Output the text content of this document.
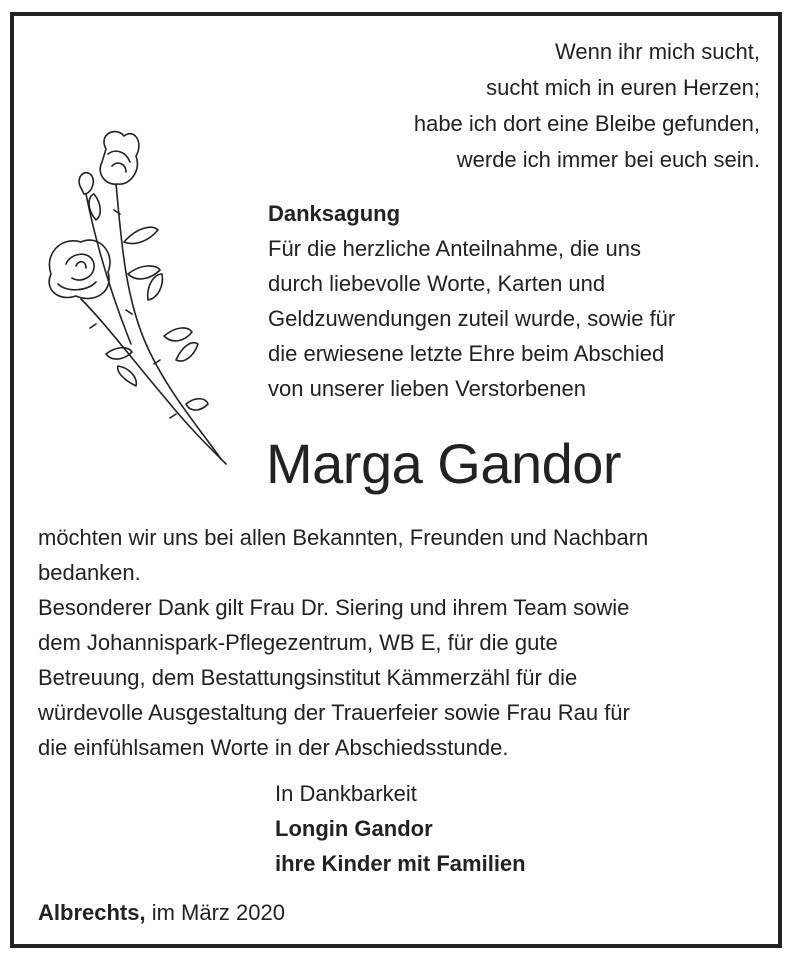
Wenn ihr mich sucht,
sucht mich in euren Herzen;
habe ich dort eine Bleibe gefunden,
werde ich immer bei euch sein.
Danksagung
Für die herzliche Anteilnahme, die uns
durch liebevolle Worte, Karten und
Geldzuwendungen zuteil wurde, sowie für
die erwiesene letzte Ehre beim Abschied
von unserer lieben Verstorbenen
Marga Gandor
möchten wir uns bei allen Bekannten, Freunden und Nachbarn
bedanken.
Besonderer Dank gilt Frau Dr. Siering und ihrem Team sowie
dem Johannispark-Pflegezentrum, WB E, für die gute
Betreuung, dem Bestattungsinstitut Kämmerzähl für die
würdevolle Ausgestaltung der Trauerfeier sowie Frau Rau für
die einfühlsamen Worte in der Abschiedsstunde.
In Dankbarkeit
Longin Gandor
ihre Kinder mit Familien
Albrechts, im März 2020
